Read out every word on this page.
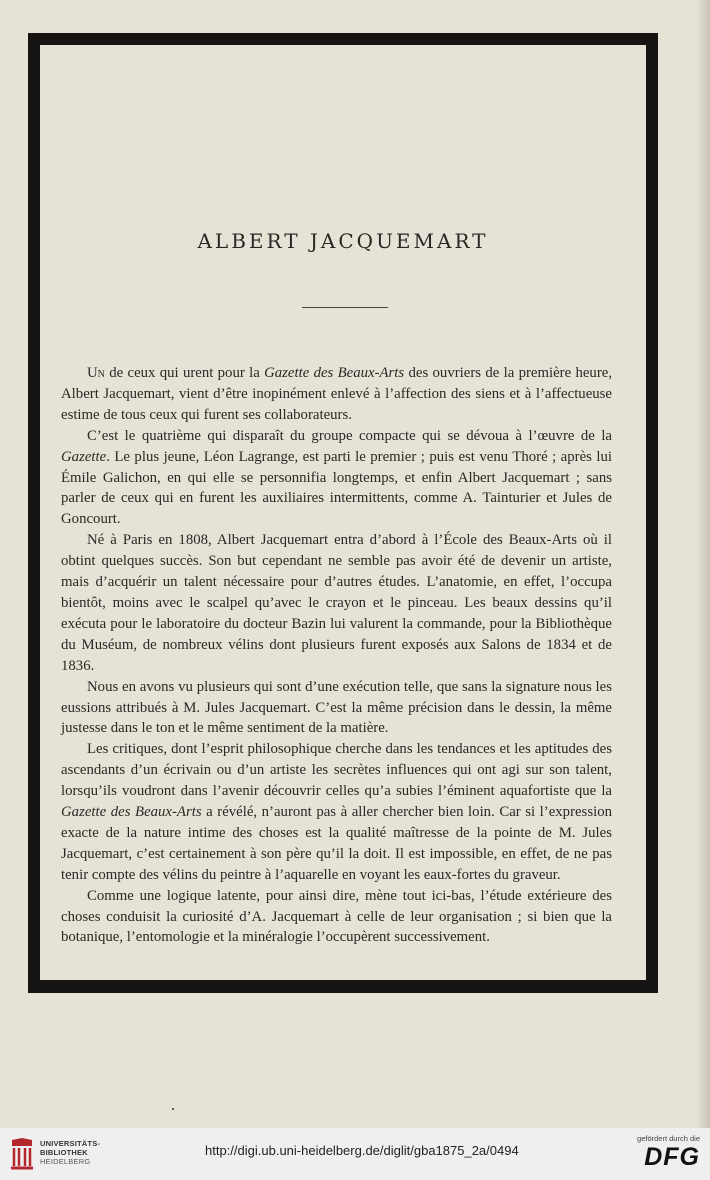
ALBERT JACQUEMART

Un de ceux qui urent pour la Gazette des Beaux-Arts des ouvriers de la première heure, Albert Jacquemart, vient d’être inopinément enlevé à l’affection des siens et à l’affectueuse estime de tous ceux qui furent ses collaborateurs.

C’est le quatrième qui disparaît du groupe compacte qui se dévoua à l’œuvre de la Gazette. Le plus jeune, Léon Lagrange, est parti le premier ; puis est venu Thoré ; après lui Émile Galichon, en qui elle se personnifia longtemps, et enfin Albert Jacquemart ; sans parler de ceux qui en furent les auxiliaires intermittents, comme A. Tainturier et Jules de Goncourt.

Né à Paris en 1808, Albert Jacquemart entra d’abord à l’École des Beaux-Arts où il obtint quelques succès. Son but cependant ne semble pas avoir été de devenir un artiste, mais d’acquérir un talent nécessaire pour d’autres études. L’anatomie, en effet, l’occupa bientôt, moins avec le scalpel qu’avec le crayon et le pinceau. Les beaux dessins qu’il exécuta pour le laboratoire du docteur Bazin lui valurent la commande, pour la Bibliothèque du Muséum, de nombreux vélins dont plusieurs furent exposés aux Salons de 1834 et de 1836.

Nous en avons vu plusieurs qui sont d’une exécution telle, que sans la signature nous les eussions attribués à M. Jules Jacquemart. C’est la même précision dans le dessin, la même justesse dans le ton et le même sentiment de la matière.

Les critiques, dont l’esprit philosophique cherche dans les tendances et les aptitudes des ascendants d’un écrivain ou d’un artiste les secrètes influences qui ont agi sur son talent, lorsqu’ils voudront dans l’avenir découvrir celles qu’a subies l’éminent aquafortiste que la Gazette des Beaux-Arts a révélé, n’auront pas à aller chercher bien loin. Car si l’expression exacte de la nature intime des choses est la qualité maîtresse de la pointe de M. Jules Jacquemart, c’est certainement à son père qu’il la doit. Il est impossible, en effet, de ne pas tenir compte des vélins du peintre à l’aquarelle en voyant les eaux-fortes du graveur.

Comme une logique latente, pour ainsi dire, mène tout ici-bas, l’étude extérieure des choses conduisit la curiosité d’A. Jacquemart à celle de leur organisation ; si bien que la botanique, l’entomologie et la minéralogie l’occupèrent successivement.

UNIVERSITÄTS-
BIBLIOTHEK
HEIDELBERG
http://digi.ub.uni-heidelberg.de/diglit/gba1875_2a/0494
gefördert durch die
DFG
